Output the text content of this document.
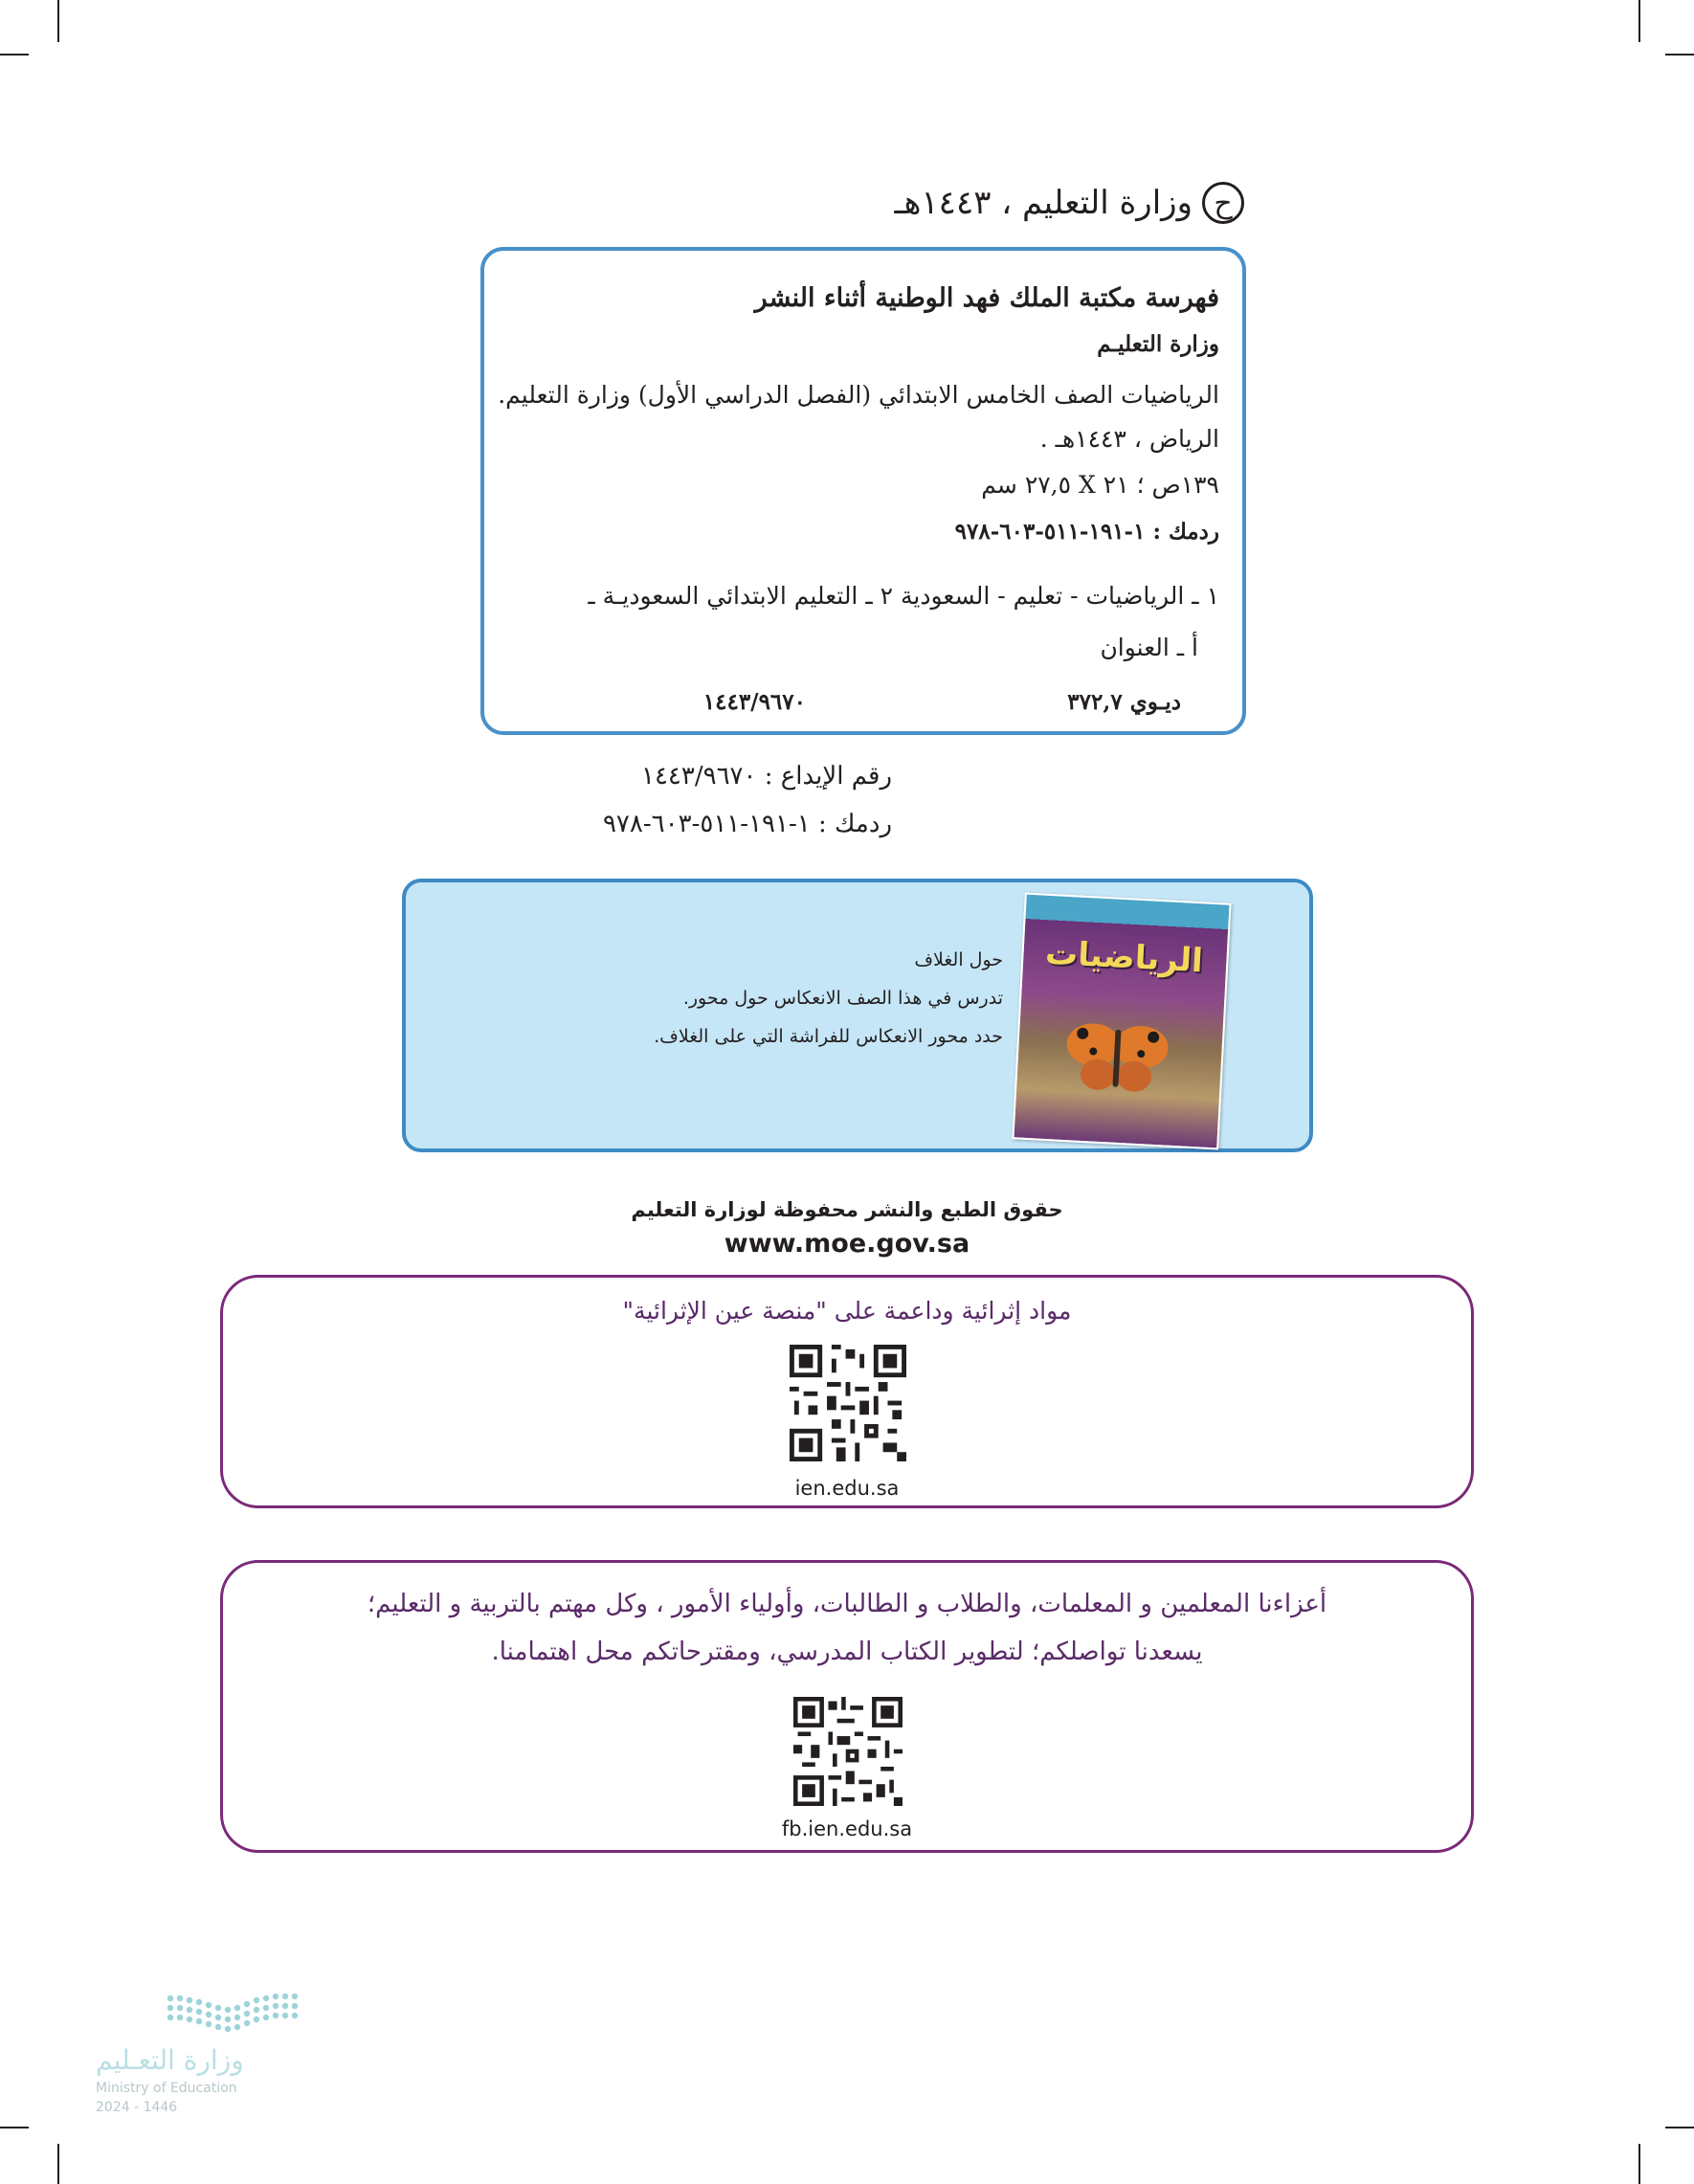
ح
وزارة التعليم ، ١٤٤٣هـ
فهرسة مكتبة الملك فهد الوطنية أثناء النشر
وزارة التعليـم
الرياضيات الصف الخامس الابتدائي (الفصل الدراسي الأول) وزارة التعليم.
الرياض ، ١٤٤٣هـ .
١٣٩ص ؛ ٢١ X ٢٧,٥ سم
ردمك : ١-١٩١-٥١١-٦٠٣-٩٧٨
١ ـ الرياضيات - تعليم - السعودية ٢ ـ التعليم الابتدائي السعوديـة ـ
أ ـ العنوان
ديـوي ٣٧٢,٧
١٤٤٣/٩٦٧٠
رقم الإيداع : ١٤٤٣/٩٦٧٠
ردمك : ١-١٩١-٥١١-٦٠٣-٩٧٨
حول الغلاف
تدرس في هذا الصف الانعكاس حول محور.
حدد محور الانعكاس للفراشة التي على الغلاف.
الرياضيات
حقوق الطبع والنشر محفوظة لوزارة التعليم
www.moe.gov.sa
مواد إثرائية وداعمة على "منصة عين الإثرائية"
ien.edu.sa
أعزاءنا المعلمين و المعلمات، والطلاب و الطالبات، وأولياء الأمور ، وكل مهتم بالتربية و التعليم؛
يسعدنا تواصلكم؛ لتطوير الكتاب المدرسي، ومقترحاتكم محل اهتمامنا.
fb.ien.edu.sa
وزارة التعـليم
Ministry of Education
2024 - 1446
